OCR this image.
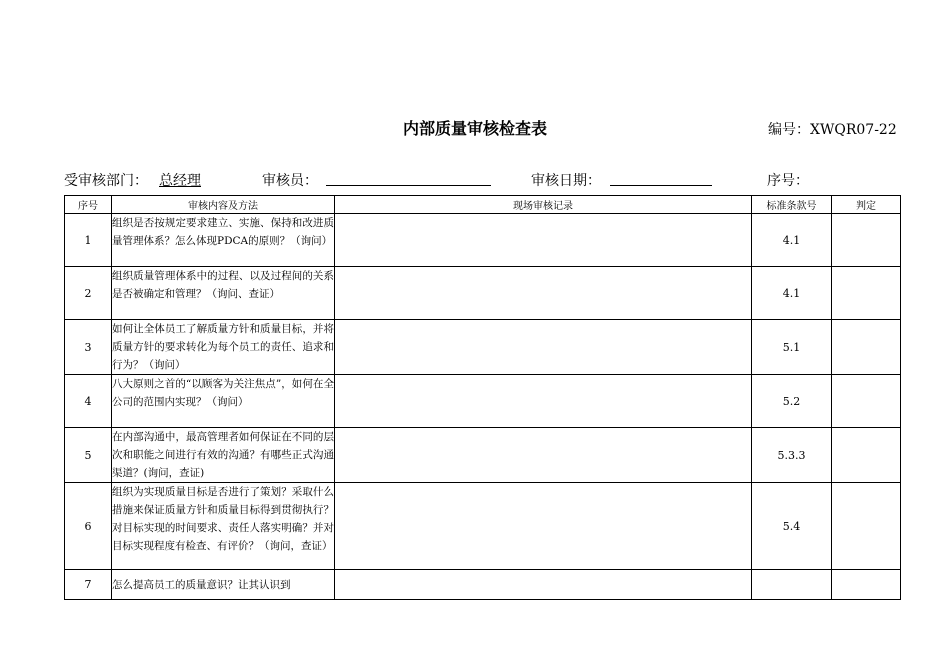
内部质量审核检查表	编号：XWQR07-22
受审核部门： 总经理	审核员：	审核日期：	序号：
序号	审核内容及方法	现场审核记录	标准条款号	判定
1	组织是否按规定要求建立、实施、保持和改进质量管理体系？怎么体现PDCA的原则？（询问）		4.1	
2	组织质量管理体系中的过程、以及过程间的关系是否被确定和管理？（询问、查证）		4.1	
3	如何让全体员工了解质量方针和质量目标，并将质量方针的要求转化为每个员工的责任、追求和行为？（询问）		5.1	
4	八大原则之首的“以顾客为关注焦点”，如何在全公司的范围内实现？（询问）		5.2	
5	在内部沟通中，最高管理者如何保证在不同的层次和职能之间进行有效的沟通？有哪些正式沟通渠道？(询问，查证)		5.3.3	
6	组织为实现质量目标是否进行了策划？采取什么措施来保证质量方针和质量目标得到贯彻执行？对目标实现的时间要求、责任人落实明确？并对目标实现程度有检查、有评价？（询问，查证）		5.4	
7	怎么提高员工的质量意识？让其认识到			
